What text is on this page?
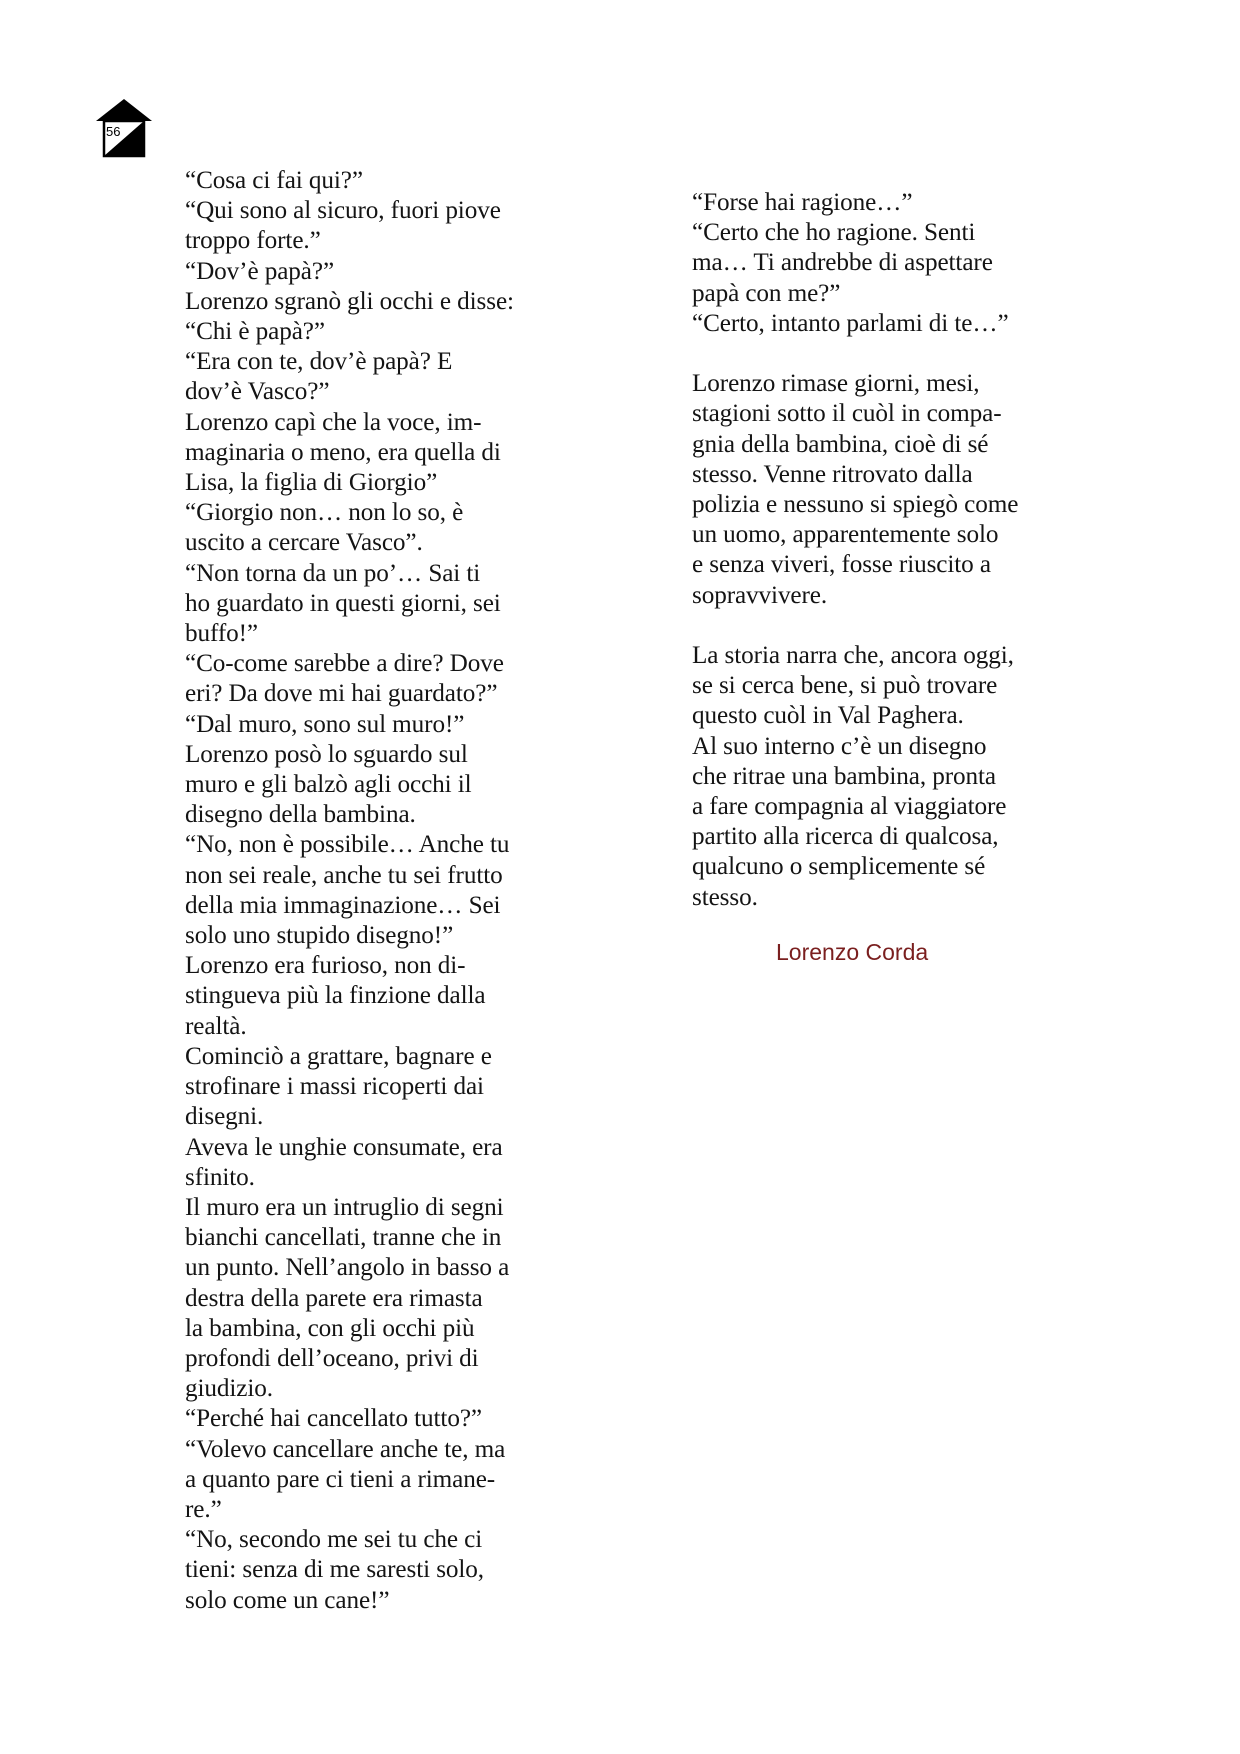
56
“Cosa ci fai qui?”
“Qui sono al sicuro, fuori piove
troppo forte.”
“Dov’è papà?”
Lorenzo sgranò gli occhi e disse:
“Chi è papà?”
“Era con te, dov’è papà? E
dov’è Vasco?”
Lorenzo capì che la voce, im-
maginaria o meno, era quella di
Lisa, la figlia di Giorgio”
“Giorgio non… non lo so, è
uscito a cercare Vasco”.
“Non torna da un po’… Sai ti
ho guardato in questi giorni, sei
buffo!”
“Co-come sarebbe a dire? Dove
eri? Da dove mi hai guardato?”
“Dal muro, sono sul muro!”
Lorenzo posò lo sguardo sul
muro e gli balzò agli occhi il
disegno della bambina.
“No, non è possibile… Anche tu
non sei reale, anche tu sei frutto
della mia immaginazione… Sei
solo uno stupido disegno!”
Lorenzo era furioso, non di-
stingueva più la finzione dalla
realtà.
Cominciò a grattare, bagnare e
strofinare i massi ricoperti dai
disegni.
Aveva le unghie consumate, era
sfinito.
Il muro era un intruglio di segni
bianchi cancellati, tranne che in
un punto. Nell’angolo in basso a
destra della parete era rimasta
la bambina, con gli occhi più
profondi dell’oceano, privi di
giudizio.
“Perché hai cancellato tutto?”
“Volevo cancellare anche te, ma
a quanto pare ci tieni a rimane-
re.”
“No, secondo me sei tu che ci
tieni: senza di me saresti solo,
solo come un cane!”
“Forse hai ragione…”
“Certo che ho ragione. Senti
ma… Ti andrebbe di aspettare
papà con me?”
“Certo, intanto parlami di te…”
Lorenzo rimase giorni, mesi,
stagioni sotto il cuòl in compa-
gnia della bambina, cioè di sé
stesso. Venne ritrovato dalla
polizia e nessuno si spiegò come
un uomo, apparentemente solo
e senza viveri, fosse riuscito a
sopravvivere.
La storia narra che, ancora oggi,
se si cerca bene, si può trovare
questo cuòl in Val Paghera.
Al suo interno c’è un disegno
che ritrae una bambina, pronta
a fare compagnia al viaggiatore
partito alla ricerca di qualcosa,
qualcuno o semplicemente sé
stesso.
Lorenzo Corda
